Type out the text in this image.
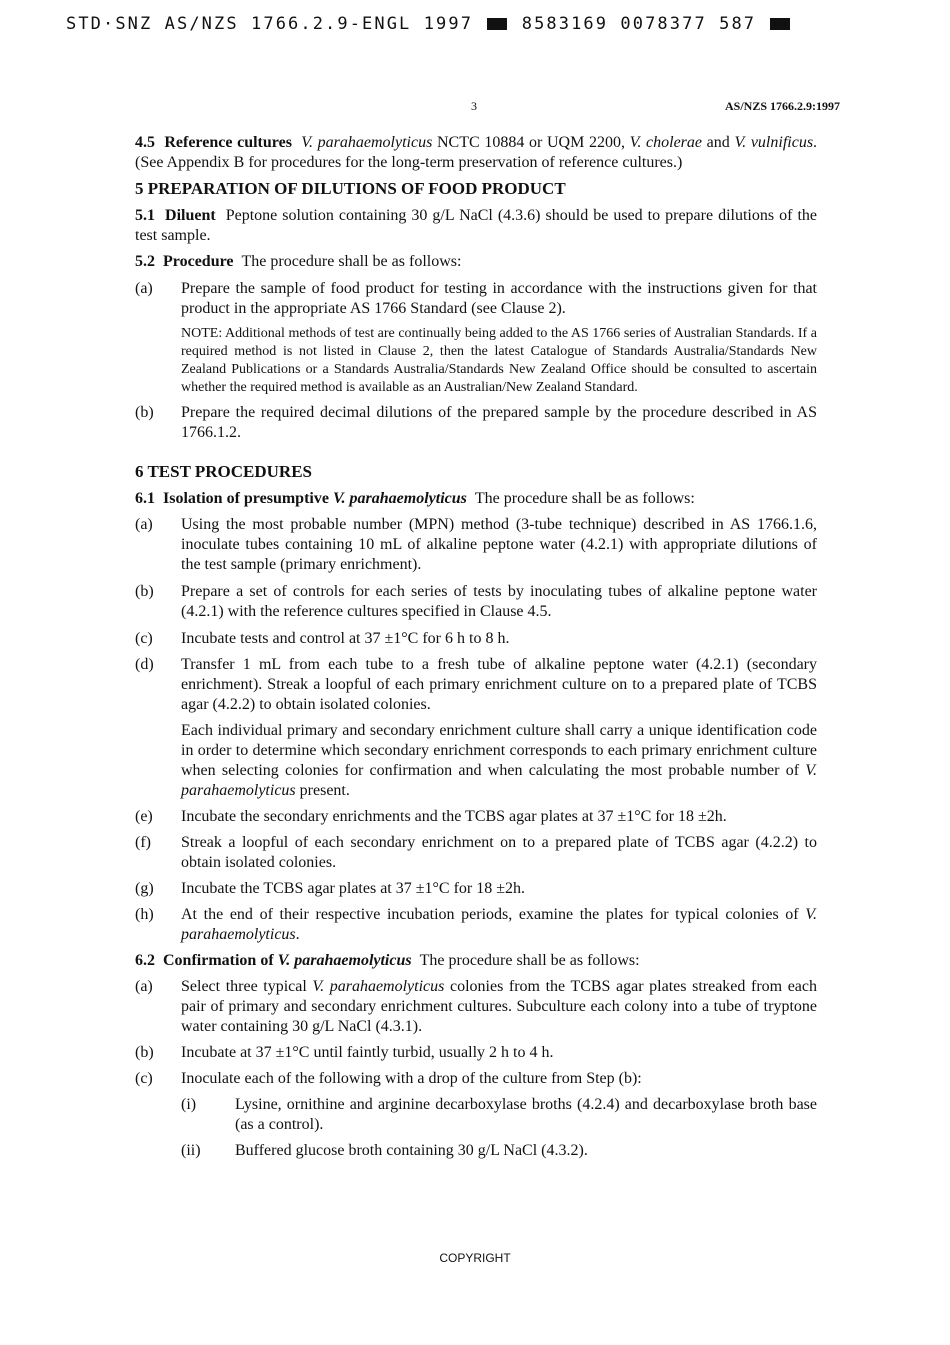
STD·SNZ AS/NZS 1766.2.9-ENGL 1997	8583169 0078377 587
3	AS/NZS 1766.2.9:1997

4.5 Reference cultures V. parahaemolyticus NCTC 10884 or UQM 2200, V. cholerae and V. vulnificus. (See Appendix B for procedures for the long-term preservation of reference cultures.)

5 PREPARATION OF DILUTIONS OF FOOD PRODUCT

5.1 Diluent Peptone solution containing 30 g/L NaCl (4.3.6) should be used to prepare dilutions of the test sample.

5.2 Procedure The procedure shall be as follows:

(a) Prepare the sample of food product for testing in accordance with the instructions given for that product in the appropriate AS 1766 Standard (see Clause 2).
NOTE: Additional methods of test are continually being added to the AS 1766 series of Australian Standards. If a required method is not listed in Clause 2, then the latest Catalogue of Standards Australia/Standards New Zealand Publications or a Standards Australia/Standards New Zealand Office should be consulted to ascertain whether the required method is available as an Australian/New Zealand Standard.
(b) Prepare the required decimal dilutions of the prepared sample by the procedure described in AS 1766.1.2.

6 TEST PROCEDURES

6.1 Isolation of presumptive V. parahaemolyticus The procedure shall be as follows:

(a) Using the most probable number (MPN) method (3-tube technique) described in AS 1766.1.6, inoculate tubes containing 10 mL of alkaline peptone water (4.2.1) with appropriate dilutions of the test sample (primary enrichment).
(b) Prepare a set of controls for each series of tests by inoculating tubes of alkaline peptone water (4.2.1) with the reference cultures specified in Clause 4.5.
(c) Incubate tests and control at 37 ±1°C for 6 h to 8 h.
(d) Transfer 1 mL from each tube to a fresh tube of alkaline peptone water (4.2.1) (secondary enrichment). Streak a loopful of each primary enrichment culture on to a prepared plate of TCBS agar (4.2.2) to obtain isolated colonies.
Each individual primary and secondary enrichment culture shall carry a unique identification code in order to determine which secondary enrichment corresponds to each primary enrichment culture when selecting colonies for confirmation and when calculating the most probable number of V. parahaemolyticus present.
(e) Incubate the secondary enrichments and the TCBS agar plates at 37 ±1°C for 18 ±2h.
(f) Streak a loopful of each secondary enrichment on to a prepared plate of TCBS agar (4.2.2) to obtain isolated colonies.
(g) Incubate the TCBS agar plates at 37 ±1°C for 18 ±2h.
(h) At the end of their respective incubation periods, examine the plates for typical colonies of V. parahaemolyticus.

6.2 Confirmation of V. parahaemolyticus The procedure shall be as follows:

(a) Select three typical V. parahaemolyticus colonies from the TCBS agar plates streaked from each pair of primary and secondary enrichment cultures. Subculture each colony into a tube of tryptone water containing 30 g/L NaCl (4.3.1).
(b) Incubate at 37 ±1°C until faintly turbid, usually 2 h to 4 h.
(c) Inoculate each of the following with a drop of the culture from Step (b):
(i) Lysine, ornithine and arginine decarboxylase broths (4.2.4) and decarboxylase broth base (as a control).
(ii) Buffered glucose broth containing 30 g/L NaCl (4.3.2).
COPYRIGHT
